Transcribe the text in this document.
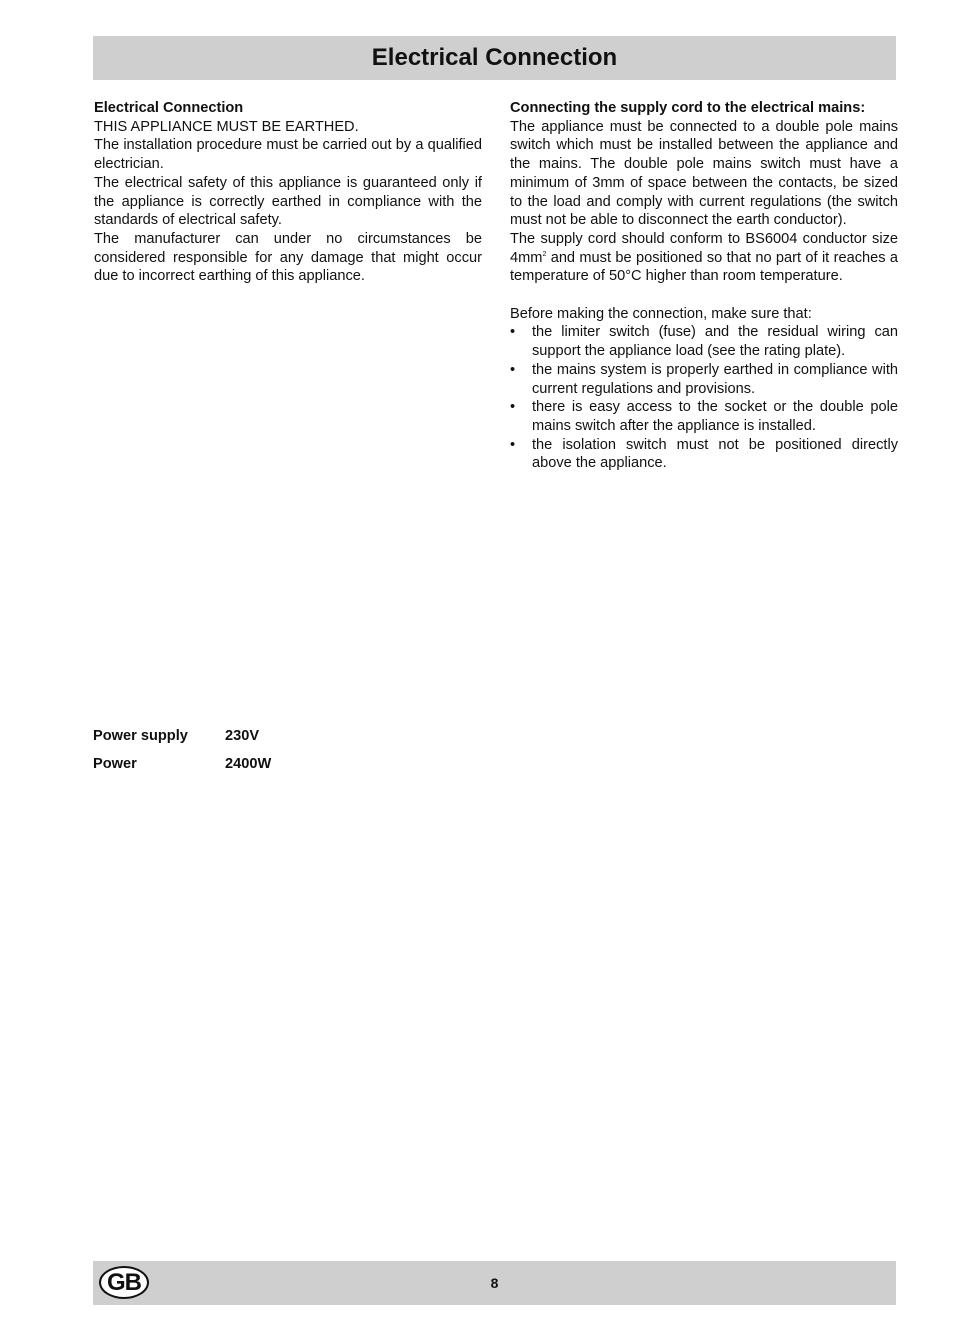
Electrical Connection

Electrical Connection

THIS APPLIANCE MUST BE EARTHED.

The installation procedure must be carried out by a qualified electrician.

The electrical safety of this appliance is guaranteed only if the appliance is correctly earthed in compliance with the standards of electrical safety.

The manufacturer can under no circumstances be considered responsible for any damage that might occur due to incorrect earthing of this appliance.

Connecting the supply cord to the electrical mains:

The appliance must be connected to a double pole mains switch which must be installed between the appliance and the mains. The double pole mains switch must have a minimum of 3mm of space between the contacts, be sized to the load and comply with current regulations (the switch must not be able to disconnect the earth conductor).

The supply cord should conform to BS6004 conductor size $4mm^2$ and must be positioned so that no part of it reaches a temperature of 50°C higher than room temperature.

Before making the connection, make sure that:

• the limiter switch (fuse) and the residual wiring can support the appliance load (see the rating plate).
• the mains system is properly earthed in compliance with current regulations and provisions.
• there is easy access to the socket or the double pole mains switch after the appliance is installed.
• the isolation switch must not be positioned directly above the appliance.
Power supply	230V
Power	2400W
8
GB
